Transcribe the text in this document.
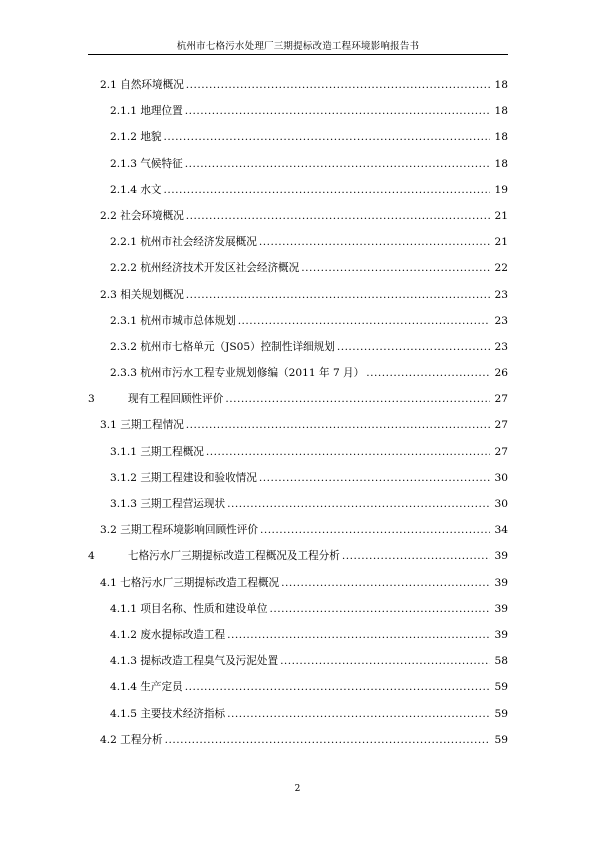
杭州市七格污水处理厂三期提标改造工程环境影响报告书
2.1 自然环境概况 .....	18
2.1.1 地理位置 .....	18
2.1.2 地貌 .....	18
2.1.3 气候特征 .....	18
2.1.4 水文 .....	19
2.2 社会环境概况 .....	21
2.2.1 杭州市社会经济发展概况 .....	21
2.2.2 杭州经济技术开发区社会经济概况 .....	22
2.3 相关规划概况 .....	23
2.3.1 杭州市城市总体规划 .....	23
2.3.2 杭州市七格单元（JS05）控制性详细规划 .....	23
2.3.3 杭州市污水工程专业规划修编（2011 年 7 月） .....	26
3	现有工程回顾性评价 .....	27
3.1 三期工程情况 .....	27
3.1.1 三期工程概况 .....	27
3.1.2 三期工程建设和验收情况 .....	30
3.1.3 三期工程营运现状 .....	30
3.2 三期工程环境影响回顾性评价 .....	34
4	七格污水厂三期提标改造工程概况及工程分析 .....	39
4.1 七格污水厂三期提标改造工程概况 .....	39
4.1.1 项目名称、性质和建设单位 .....	39
4.1.2 废水提标改造工程 .....	39
4.1.3 提标改造工程臭气及污泥处置 .....	58
4.1.4 生产定员 .....	59
4.1.5 主要技术经济指标 .....	59
4.2 工程分析 .....	59
2
